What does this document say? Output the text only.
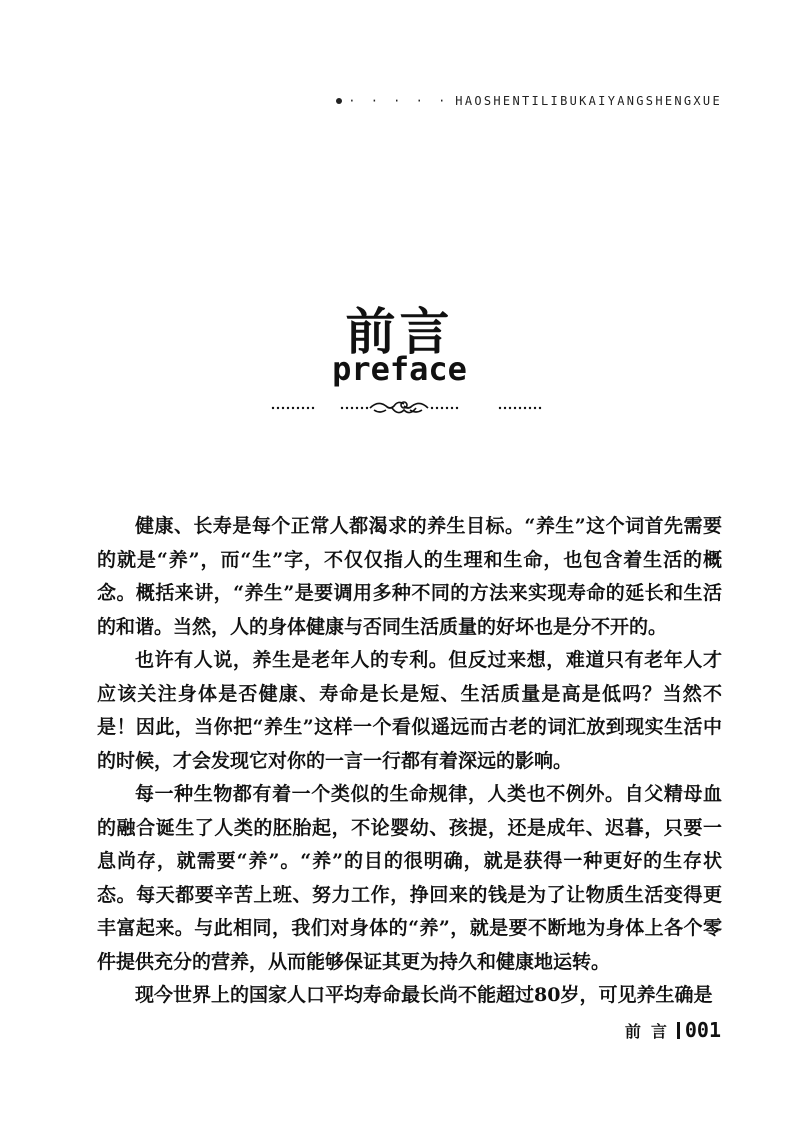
· · · · · HAOSHENTILIBUKAIYANGSHENGXUE
前言
preface

健康、长寿是每个正常人都渴求的养生目标。“养生”这个词首先需要的就是“养”，而“生”字，不仅仅指人的生理和生命，也包含着生活的概念。概括来讲，“养生”是要调用多种不同的方法来实现寿命的延长和生活的和谐。当然，人的身体健康与否同生活质量的好坏也是分不开的。

也许有人说，养生是老年人的专利。但反过来想，难道只有老年人才应该关注身体是否健康、寿命是长是短、生活质量是高是低吗？当然不是！因此，当你把“养生”这样一个看似遥远而古老的词汇放到现实生活中的时候，才会发现它对你的一言一行都有着深远的影响。

每一种生物都有着一个类似的生命规律，人类也不例外。自父精母血的融合诞生了人类的胚胎起，不论婴幼、孩提，还是成年、迟暮，只要一息尚存，就需要“养”。“养”的目的很明确，就是获得一种更好的生存状态。每天都要辛苦上班、努力工作，挣回来的钱是为了让物质生活变得更丰富起来。与此相同，我们对身体的“养”，就是要不断地为身体上各个零件提供充分的营养，从而能够保证其更为持久和健康地运转。

现今世界上的国家人口平均寿命最长尚不能超过80岁，可见养生确是

前言 001
